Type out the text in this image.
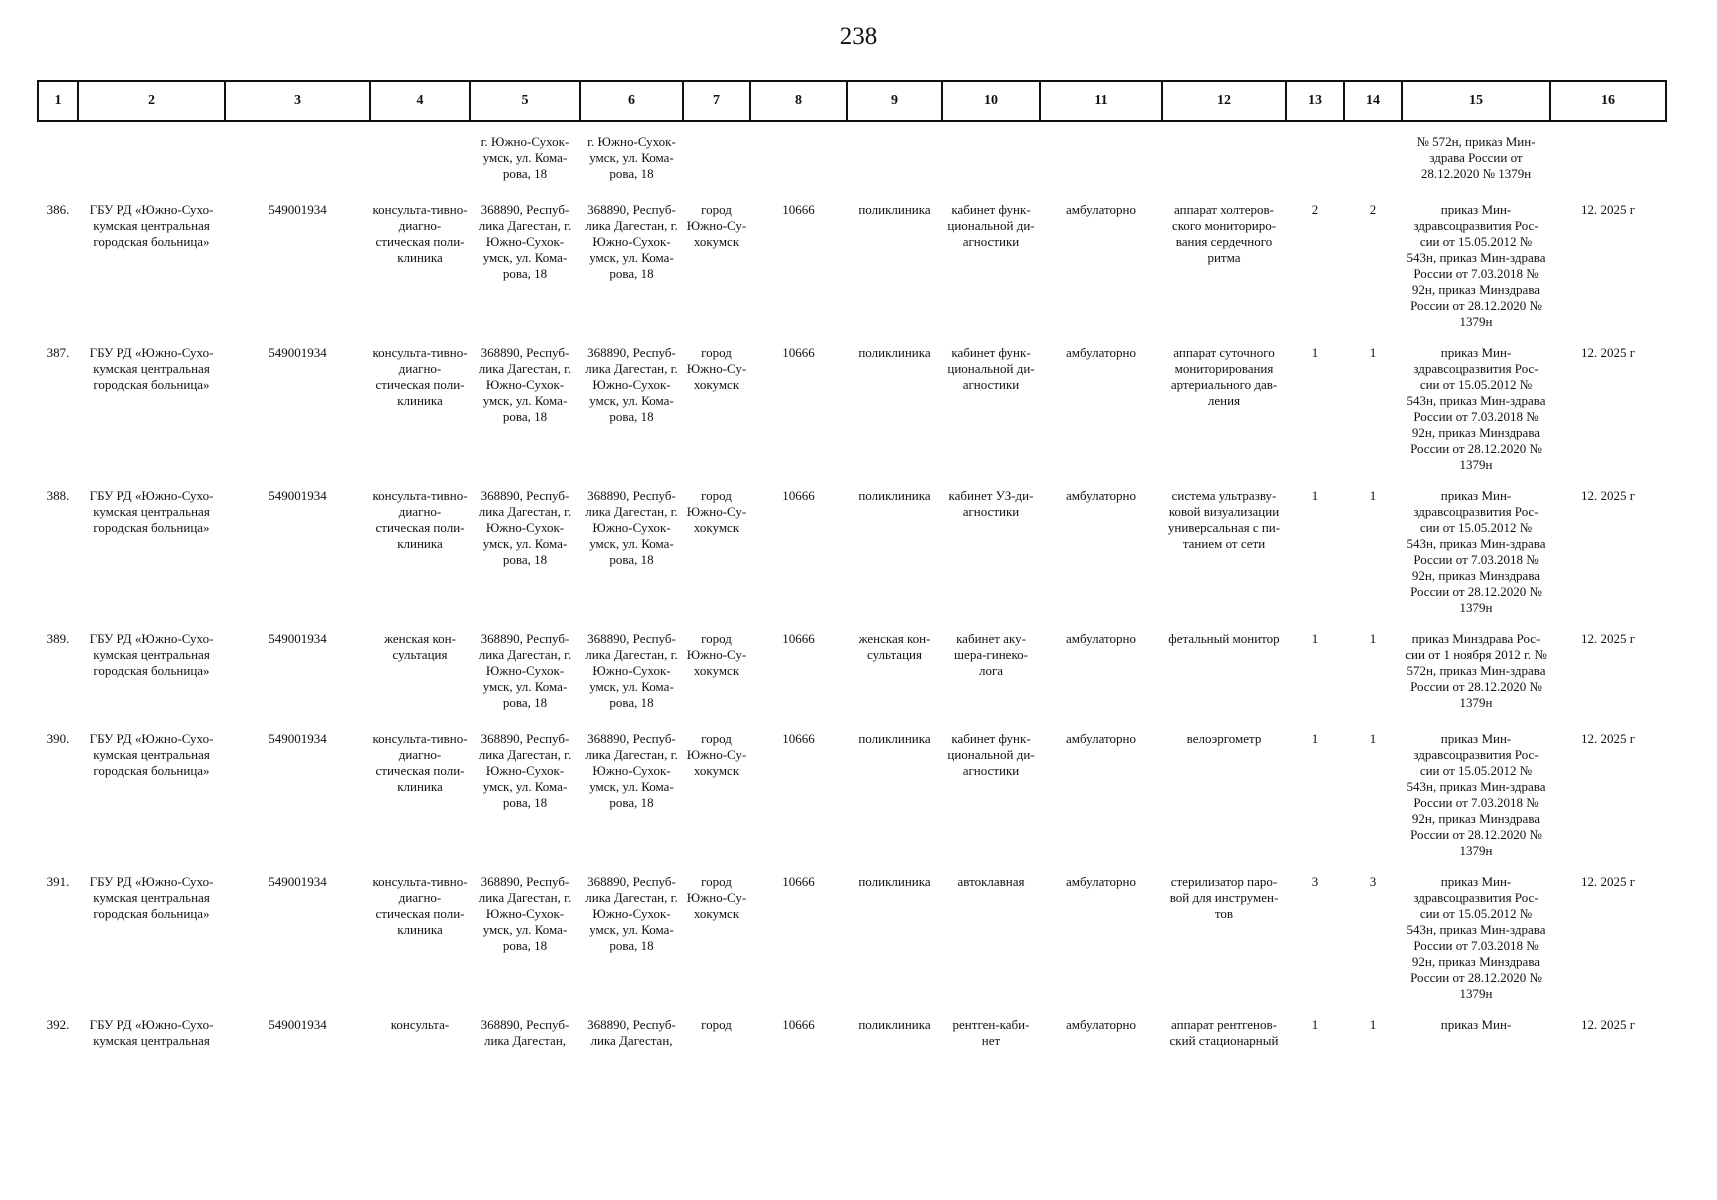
238
1	2	3	4	5	6	7	8	9	10	11	12	13	14	15	16
				г. Южно-Сухок-умск, ул. Кома-рова, 18	г. Южно-Сухок-умск, ул. Кома-рова, 18									№ 572н, приказ Мин-здрава России от 28.12.2020 № 1379н	
386.	ГБУ РД «Южно-Сухо-кумская центральная городская больница»	549001934	консульта-тивно-диагно-стическая поли-клиника	368890, Респуб-лика Дагестан, г. Южно-Сухок-умск, ул. Кома-рова, 18	368890, Респуб-лика Дагестан, г. Южно-Сухок-умск, ул. Кома-рова, 18	город Южно-Су-хокумск	10666	поликлиника	кабинет функ-циональной ди-агностики	амбулаторно	аппарат холтеров-ского мониториро-вания сердечного ритма	2	2	приказ Мин-здравсоцразвития Рос-сии от 15.05.2012 № 543н, приказ Мин-здрава России от 7.03.2018 № 92н, приказ Минздрава России от 28.12.2020 № 1379н	12. 2025 г
387.	ГБУ РД «Южно-Сухо-кумская центральная городская больница»	549001934	консульта-тивно-диагно-стическая поли-клиника	368890, Респуб-лика Дагестан, г. Южно-Сухок-умск, ул. Кома-рова, 18	368890, Респуб-лика Дагестан, г. Южно-Сухок-умск, ул. Кома-рова, 18	город Южно-Су-хокумск	10666	поликлиника	кабинет функ-циональной ди-агностики	амбулаторно	аппарат суточного мониторирования артериального дав-ления	1	1	приказ Мин-здравсоцразвития Рос-сии от 15.05.2012 № 543н, приказ Мин-здрава России от 7.03.2018 № 92н, приказ Минздрава России от 28.12.2020 № 1379н	12. 2025 г
388.	ГБУ РД «Южно-Сухо-кумская центральная городская больница»	549001934	консульта-тивно-диагно-стическая поли-клиника	368890, Респуб-лика Дагестан, г. Южно-Сухок-умск, ул. Кома-рова, 18	368890, Респуб-лика Дагестан, г. Южно-Сухок-умск, ул. Кома-рова, 18	город Южно-Су-хокумск	10666	поликлиника	кабинет УЗ-ди-агностики	амбулаторно	система ультразву-ковой визуализации универсальная с пи-танием от сети	1	1	приказ Мин-здравсоцразвития Рос-сии от 15.05.2012 № 543н, приказ Мин-здрава России от 7.03.2018 № 92н, приказ Минздрава России от 28.12.2020 № 1379н	12. 2025 г
389.	ГБУ РД «Южно-Сухо-кумская центральная городская больница»	549001934	женская кон-сультация	368890, Респуб-лика Дагестан, г. Южно-Сухок-умск, ул. Кома-рова, 18	368890, Респуб-лика Дагестан, г. Южно-Сухок-умск, ул. Кома-рова, 18	город Южно-Су-хокумск	10666	женская кон-сультация	кабинет аку-шера-гинеко-лога	амбулаторно	фетальный монитор	1	1	приказ Минздрава Рос-сии от 1 ноября 2012 г. № 572н, приказ Мин-здрава России от 28.12.2020 № 1379н	12. 2025 г
390.	ГБУ РД «Южно-Сухо-кумская центральная городская больница»	549001934	консульта-тивно-диагно-стическая поли-клиника	368890, Респуб-лика Дагестан, г. Южно-Сухок-умск, ул. Кома-рова, 18	368890, Респуб-лика Дагестан, г. Южно-Сухок-умск, ул. Кома-рова, 18	город Южно-Су-хокумск	10666	поликлиника	кабинет функ-циональной ди-агностики	амбулаторно	велоэргометр	1	1	приказ Мин-здравсоцразвития Рос-сии от 15.05.2012 № 543н, приказ Мин-здрава России от 7.03.2018 № 92н, приказ Минздрава России от 28.12.2020 № 1379н	12. 2025 г
391.	ГБУ РД «Южно-Сухо-кумская центральная городская больница»	549001934	консульта-тивно-диагно-стическая поли-клиника	368890, Респуб-лика Дагестан, г. Южно-Сухок-умск, ул. Кома-рова, 18	368890, Респуб-лика Дагестан, г. Южно-Сухок-умск, ул. Кома-рова, 18	город Южно-Су-хокумск	10666	поликлиника	автоклавная	амбулаторно	стерилизатор паро-вой для инструмен-тов	3	3	приказ Мин-здравсоцразвития Рос-сии от 15.05.2012 № 543н, приказ Мин-здрава России от 7.03.2018 № 92н, приказ Минздрава России от 28.12.2020 № 1379н	12. 2025 г
392.	ГБУ РД «Южно-Сухо-кумская центральная	549001934	консульта-	368890, Респуб-лика Дагестан,	368890, Респуб-лика Дагестан,	город	10666	поликлиника	рентген-каби-нет	амбулаторно	аппарат рентгенов-ский стационарный	1	1	приказ Мин-	12. 2025 г
